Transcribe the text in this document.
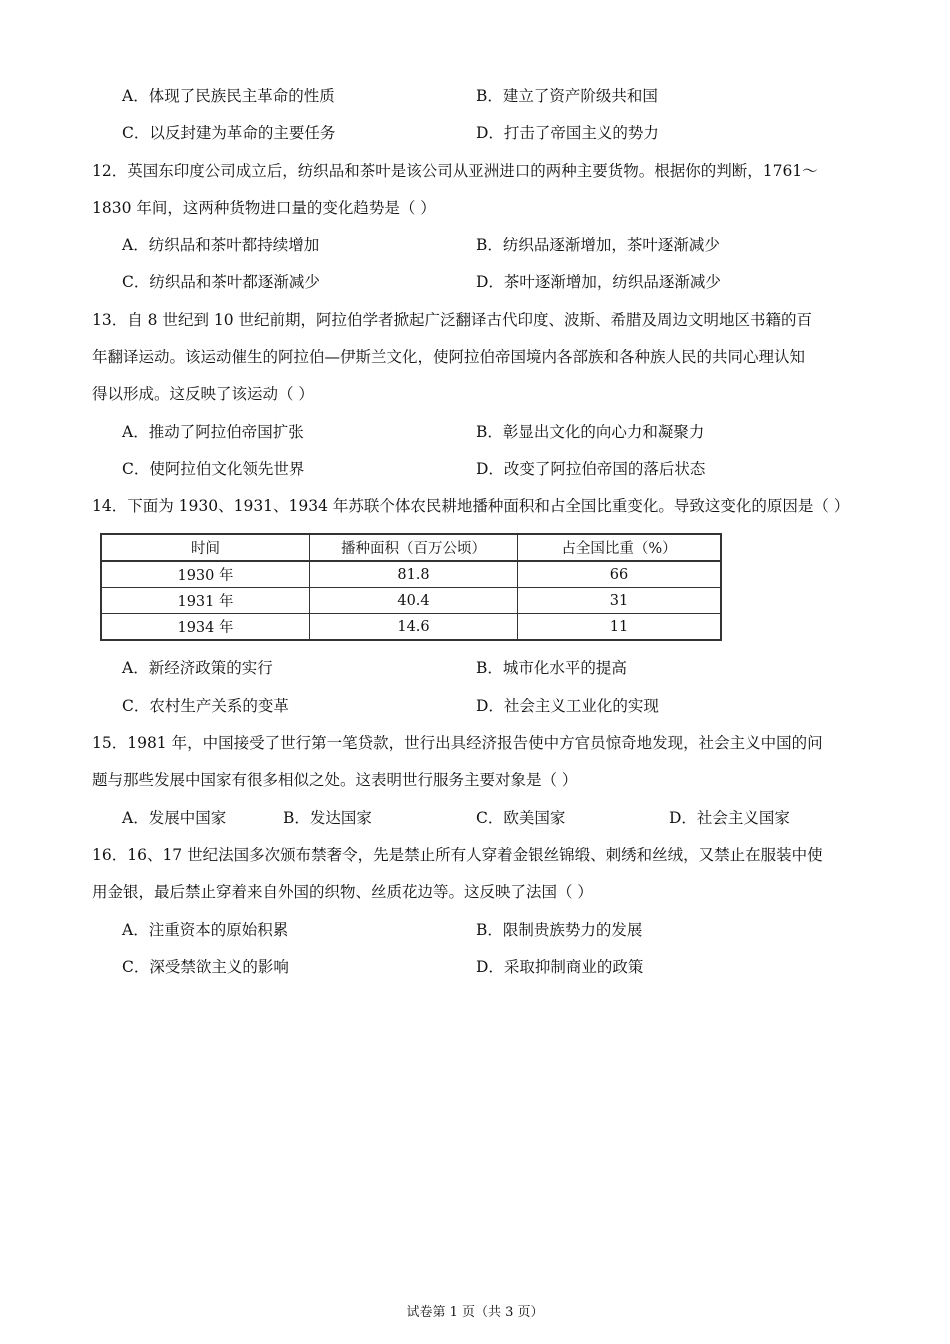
A．体现了民族民主革命的性质	B．建立了资产阶级共和国
C．以反封建为革命的主要任务	D．打击了帝国主义的势力
12．英国东印度公司成立后，纺织品和茶叶是该公司从亚洲进口的两种主要货物。根据你的判断，1761～
1830 年间，这两种货物进口量的变化趋势是（ ）
A．纺织品和茶叶都持续增加	B．纺织品逐渐增加，茶叶逐渐减少
C．纺织品和茶叶都逐渐减少	D．茶叶逐渐增加，纺织品逐渐减少
13．自 8 世纪到 10 世纪前期，阿拉伯学者掀起广泛翻译古代印度、波斯、希腊及周边文明地区书籍的百
年翻译运动。该运动催生的阿拉伯—伊斯兰文化，使阿拉伯帝国境内各部族和各种族人民的共同心理认知
得以形成。这反映了该运动（ ）
A．推动了阿拉伯帝国扩张	B．彰显出文化的向心力和凝聚力
C．使阿拉伯文化领先世界	D．改变了阿拉伯帝国的落后状态
14．下面为 1930、1931、1934 年苏联个体农民耕地播种面积和占全国比重变化。导致这变化的原因是（ ）
时间	播种面积（百万公顷）	占全国比重（%）
1930 年	81.8	66
1931 年	40.4	31
1934 年	14.6	11
A．新经济政策的实行	B．城市化水平的提高
C．农村生产关系的变革	D．社会主义工业化的实现
15．1981 年，中国接受了世行第一笔贷款，世行出具经济报告使中方官员惊奇地发现，社会主义中国的问
题与那些发展中国家有很多相似之处。这表明世行服务主要对象是（ ）
A．发展中国家	B．发达国家	C．欧美国家	D．社会主义国家
16．16、17 世纪法国多次颁布禁奢令，先是禁止所有人穿着金银丝锦缎、刺绣和丝绒，又禁止在服装中使
用金银，最后禁止穿着来自外国的织物、丝质花边等。这反映了法国（ ）
A．注重资本的原始积累	B．限制贵族势力的发展
C．深受禁欲主义的影响	D．采取抑制商业的政策
试卷第 1 页（共 3 页）
